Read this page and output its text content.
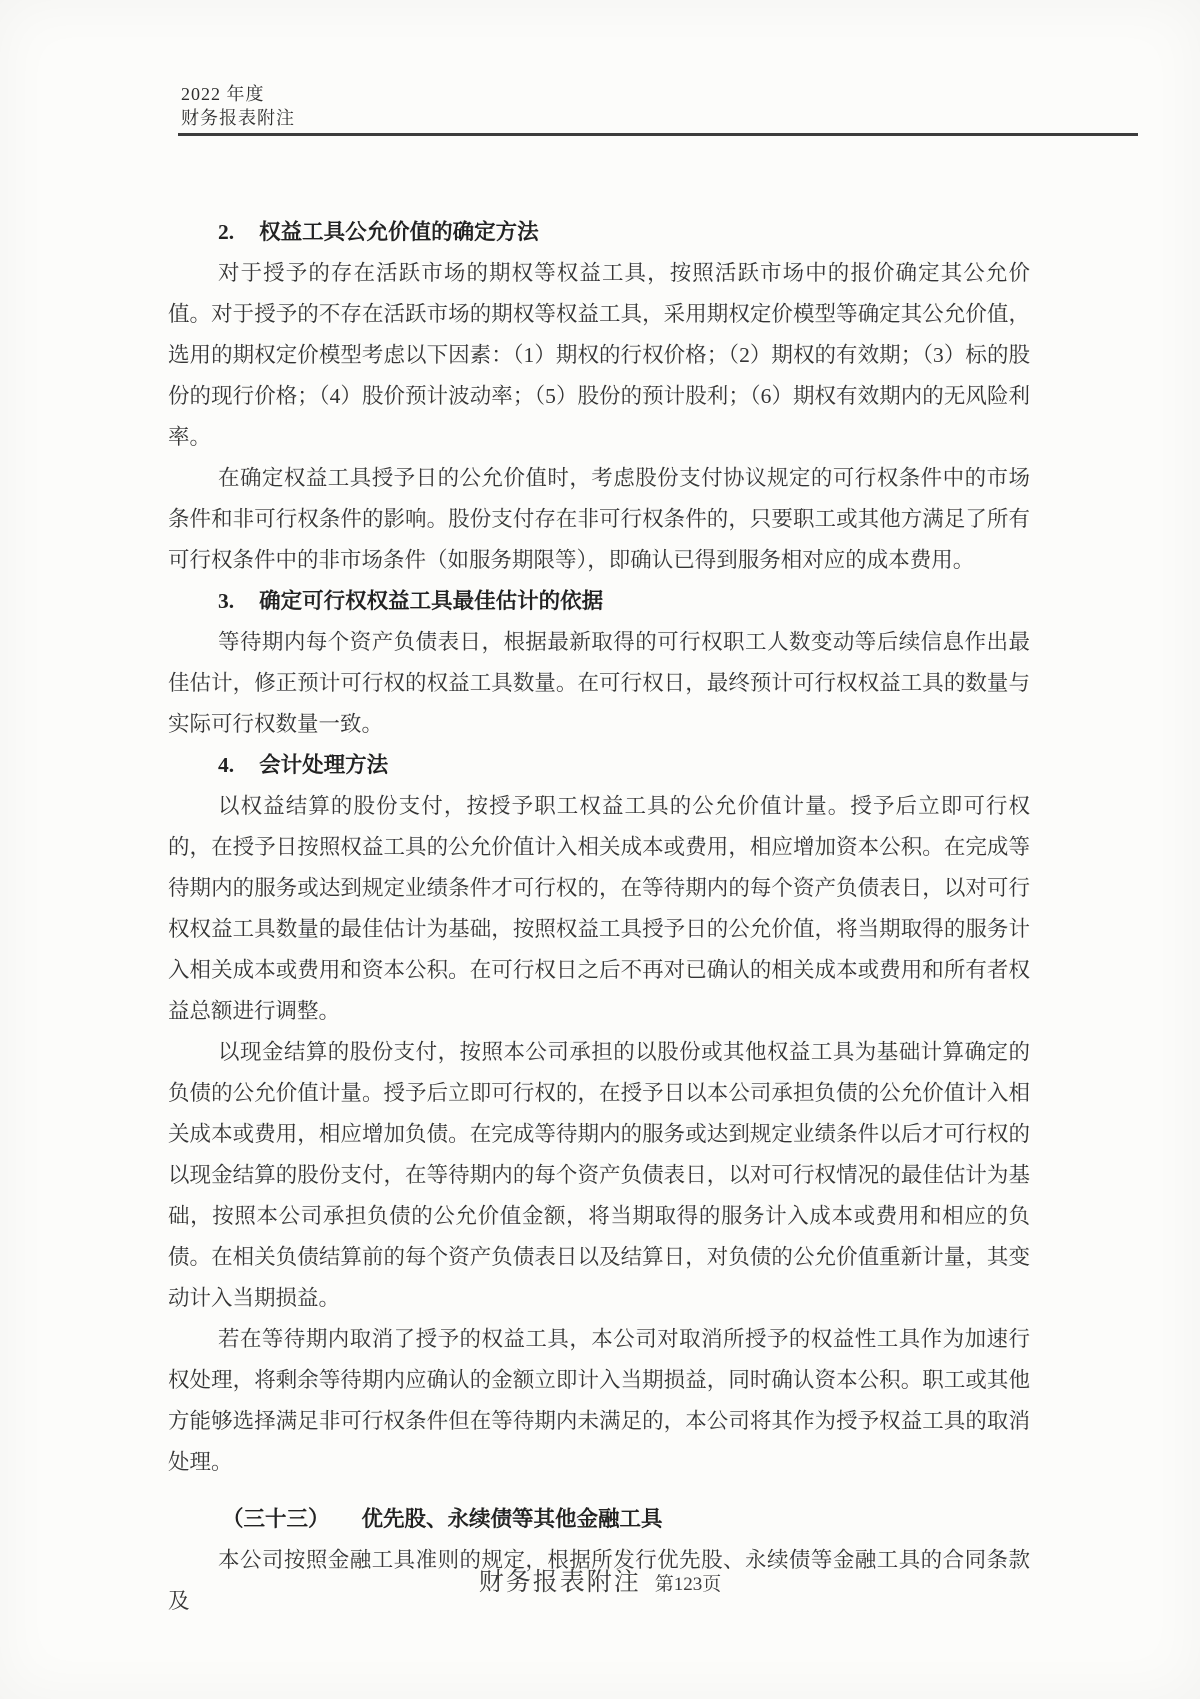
2022 年度
财务报表附注
2. 权益工具公允价值的确定方法
对于授予的存在活跃市场的期权等权益工具，按照活跃市场中的报价确定其公允价值。对于授予的不存在活跃市场的期权等权益工具，采用期权定价模型等确定其公允价值，选用的期权定价模型考虑以下因素：（1）期权的行权价格；（2）期权的有效期；（3）标的股份的现行价格；（4）股价预计波动率；（5）股份的预计股利；（6）期权有效期内的无风险利率。
在确定权益工具授予日的公允价值时，考虑股份支付协议规定的可行权条件中的市场条件和非可行权条件的影响。股份支付存在非可行权条件的，只要职工或其他方满足了所有可行权条件中的非市场条件（如服务期限等），即确认已得到服务相对应的成本费用。
3. 确定可行权权益工具最佳估计的依据
等待期内每个资产负债表日，根据最新取得的可行权职工人数变动等后续信息作出最佳估计，修正预计可行权的权益工具数量。在可行权日，最终预计可行权权益工具的数量与实际可行权数量一致。
4. 会计处理方法
以权益结算的股份支付，按授予职工权益工具的公允价值计量。授予后立即可行权的，在授予日按照权益工具的公允价值计入相关成本或费用，相应增加资本公积。在完成等待期内的服务或达到规定业绩条件才可行权的，在等待期内的每个资产负债表日，以对可行权权益工具数量的最佳估计为基础，按照权益工具授予日的公允价值，将当期取得的服务计入相关成本或费用和资本公积。在可行权日之后不再对已确认的相关成本或费用和所有者权益总额进行调整。
以现金结算的股份支付，按照本公司承担的以股份或其他权益工具为基础计算确定的负债的公允价值计量。授予后立即可行权的，在授予日以本公司承担负债的公允价值计入相关成本或费用，相应增加负债。在完成等待期内的服务或达到规定业绩条件以后才可行权的以现金结算的股份支付，在等待期内的每个资产负债表日，以对可行权情况的最佳估计为基础，按照本公司承担负债的公允价值金额，将当期取得的服务计入成本或费用和相应的负债。在相关负债结算前的每个资产负债表日以及结算日，对负债的公允价值重新计量，其变动计入当期损益。
若在等待期内取消了授予的权益工具，本公司对取消所授予的权益性工具作为加速行权处理，将剩余等待期内应确认的金额立即计入当期损益，同时确认资本公积。职工或其他方能够选择满足非可行权条件但在等待期内未满足的，本公司将其作为授予权益工具的取消处理。
（三十三） 优先股、永续债等其他金融工具
本公司按照金融工具准则的规定，根据所发行优先股、永续债等金融工具的合同条款及
财务报表附注 第123页
